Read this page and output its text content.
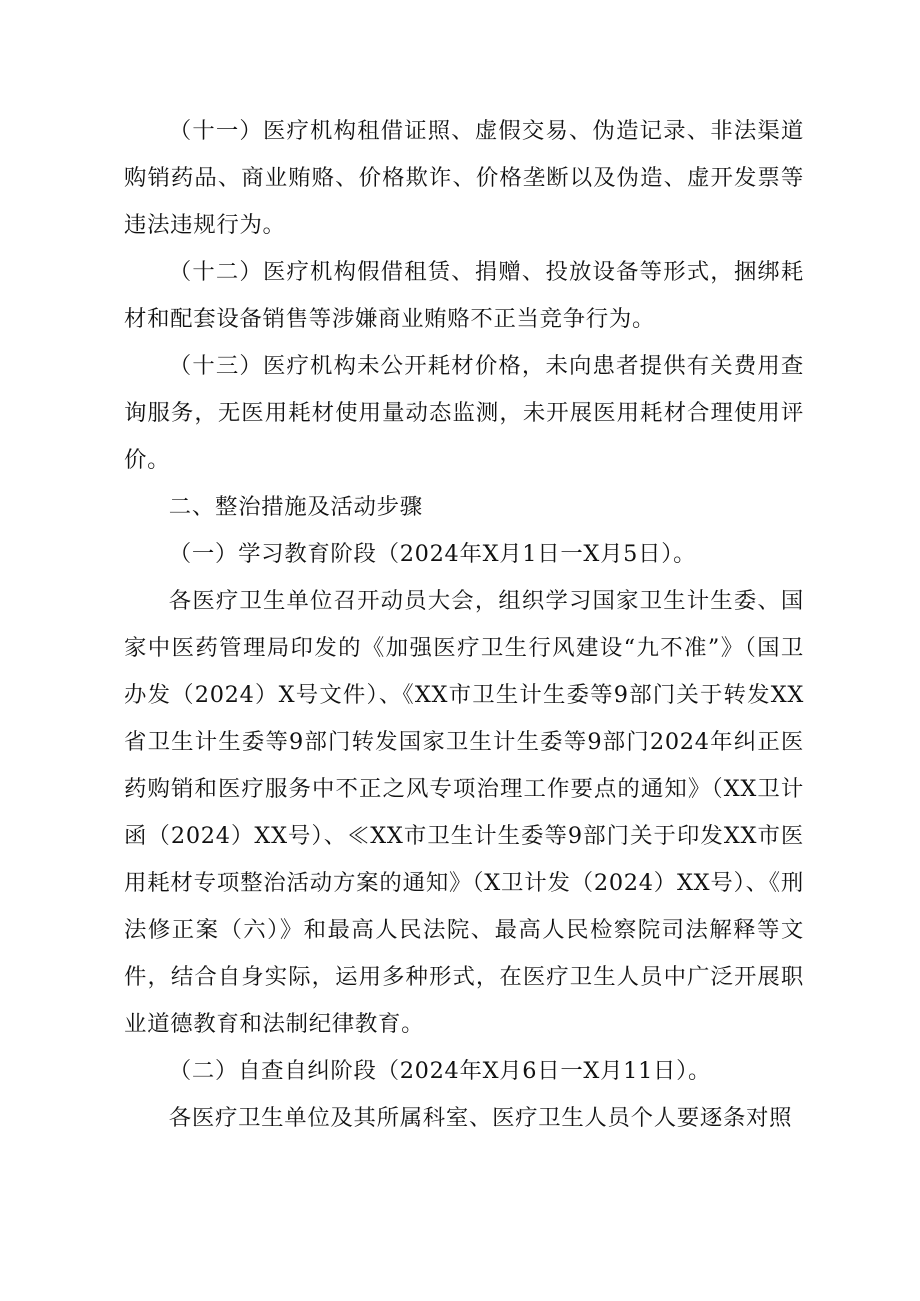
（十一）医疗机构租借证照、虚假交易、伪造记录、非法渠道购销药品、商业贿赂、价格欺诈、价格垄断以及伪造、虚开发票等违法违规行为。

（十二）医疗机构假借租赁、捐赠、投放设备等形式，捆绑耗材和配套设备销售等涉嫌商业贿赂不正当竞争行为。

（十三）医疗机构未公开耗材价格，未向患者提供有关费用查询服务，无医用耗材使用量动态监测，未开展医用耗材合理使用评价。

二、整治措施及活动步骤

（一）学习教育阶段（2024年X月1日一X月5日）。

各医疗卫生单位召开动员大会，组织学习国家卫生计生委、国家中医药管理局印发的《加强医疗卫生行风建设“九不准”》（国卫办发（2024）X号文件）、《XX市卫生计生委等9部门关于转发XX省卫生计生委等9部门转发国家卫生计生委等9部门2024年纠正医药购销和医疗服务中不正之风专项治理工作要点的通知》（XX卫计函（2024）XX号）、≪XX市卫生计生委等9部门关于印发XX市医用耗材专项整治活动方案的通知》（X卫计发（2024）XX号）、《刑法修正案（六）》和最高人民法院、最高人民检察院司法解释等文件，结合自身实际，运用多种形式，在医疗卫生人员中广泛开展职业道德教育和法制纪律教育。

（二）自查自纠阶段（2024年X月6日一X月11日）。

各医疗卫生单位及其所属科室、医疗卫生人员个人要逐条对照
